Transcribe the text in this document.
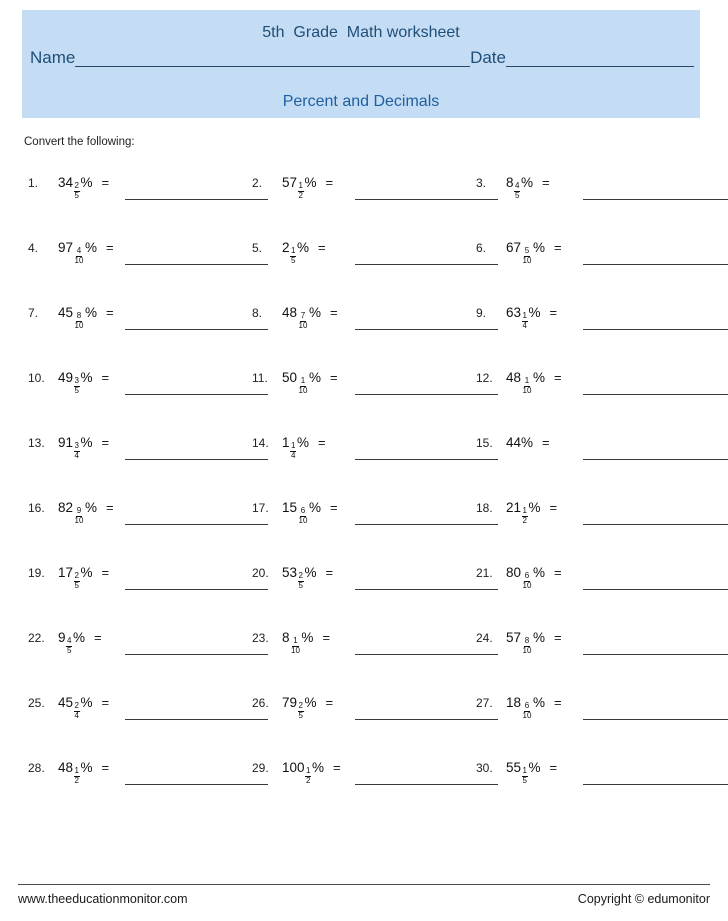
5th  Grade  Math worksheet
Name	Date
Percent and Decimals
Convert the following:
1.	$34 \frac{2}{5}$ % =	2.	$57 \frac{1}{2}$ % =	3.	$8 \frac{4}{5}$ % =
4.	$97 \frac{4}{10}$ % =	5.	$2 \frac{1}{5}$ % =	6.	$67 \frac{5}{10}$ % =
7.	$45 \frac{8}{10}$ % =	8.	$48 \frac{7}{10}$ % =	9.	$63 \frac{1}{4}$ % =
10. $49 \frac{3}{5}$ % =	11.	$50 \frac{1}{10}$ % =	12. $48 \frac{1}{10}$ % =
13. $91 \frac{3}{4}$ % =	14. $1 \frac{1}{4}$ % =	15. 44 % =
16. $82 \frac{9}{10}$ % =	17. $15 \frac{6}{10}$ % =	18. $21 \frac{1}{2}$ % =
19. $17 \frac{2}{5}$ % =	20. $53 \frac{2}{5}$ % =	21. $80 \frac{6}{10}$ % =
22. $9 \frac{4}{5}$ % =	23. $8 \frac{1}{10}$ % =	24. $57 \frac{8}{10}$ % =
25. $45 \frac{2}{4}$ % =	26. $79 \frac{2}{5}$ % =	27. $18 \frac{6}{10}$ % =
28. $48 \frac{1}{2}$ % =	29. $100 \frac{1}{2}$ % =	30. $55 \frac{1}{5}$ % =
www.theeducationmonitor.com	Copyright © edumonitor
